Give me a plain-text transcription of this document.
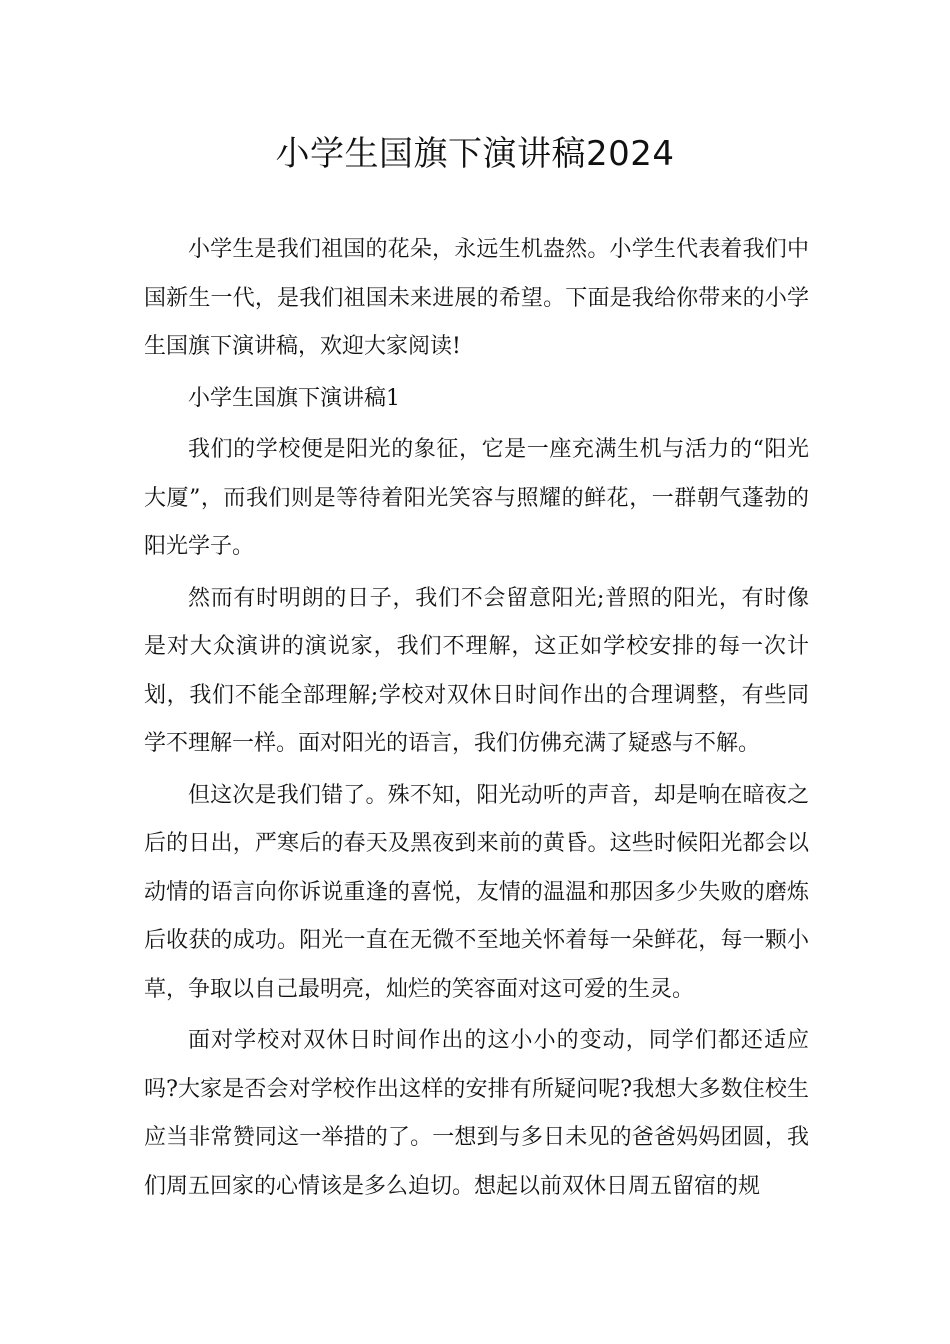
小学生国旗下演讲稿2024

小学生是我们祖国的花朵，永远生机盎然。小学生代表着我们中国新生一代，是我们祖国未来进展的希望。下面是我给你带来的小学生国旗下演讲稿，欢迎大家阅读!

小学生国旗下演讲稿1

我们的学校便是阳光的象征，它是一座充满生机与活力的“阳光大厦”，而我们则是等待着阳光笑容与照耀的鲜花，一群朝气蓬勃的阳光学子。

然而有时明朗的日子，我们不会留意阳光;普照的阳光，有时像是对大众演讲的演说家，我们不理解，这正如学校安排的每一次计划，我们不能全部理解;学校对双休日时间作出的合理调整，有些同学不理解一样。面对阳光的语言，我们仿佛充满了疑惑与不解。

但这次是我们错了。殊不知，阳光动听的声音，却是响在暗夜之后的日出，严寒后的春天及黑夜到来前的黄昏。这些时候阳光都会以动情的语言向你诉说重逢的喜悦，友情的温温和那因多少失败的磨炼后收获的成功。阳光一直在无微不至地关怀着每一朵鲜花，每一颗小草，争取以自己最明亮，灿烂的笑容面对这可爱的生灵。

面对学校对双休日时间作出的这小小的变动，同学们都还适应吗?大家是否会对学校作出这样的安排有所疑问呢?我想大多数住校生应当非常赞同这一举措的了。一想到与多日未见的爸爸妈妈团圆，我们周五回家的心情该是多么迫切。想起以前双休日周五留宿的规
